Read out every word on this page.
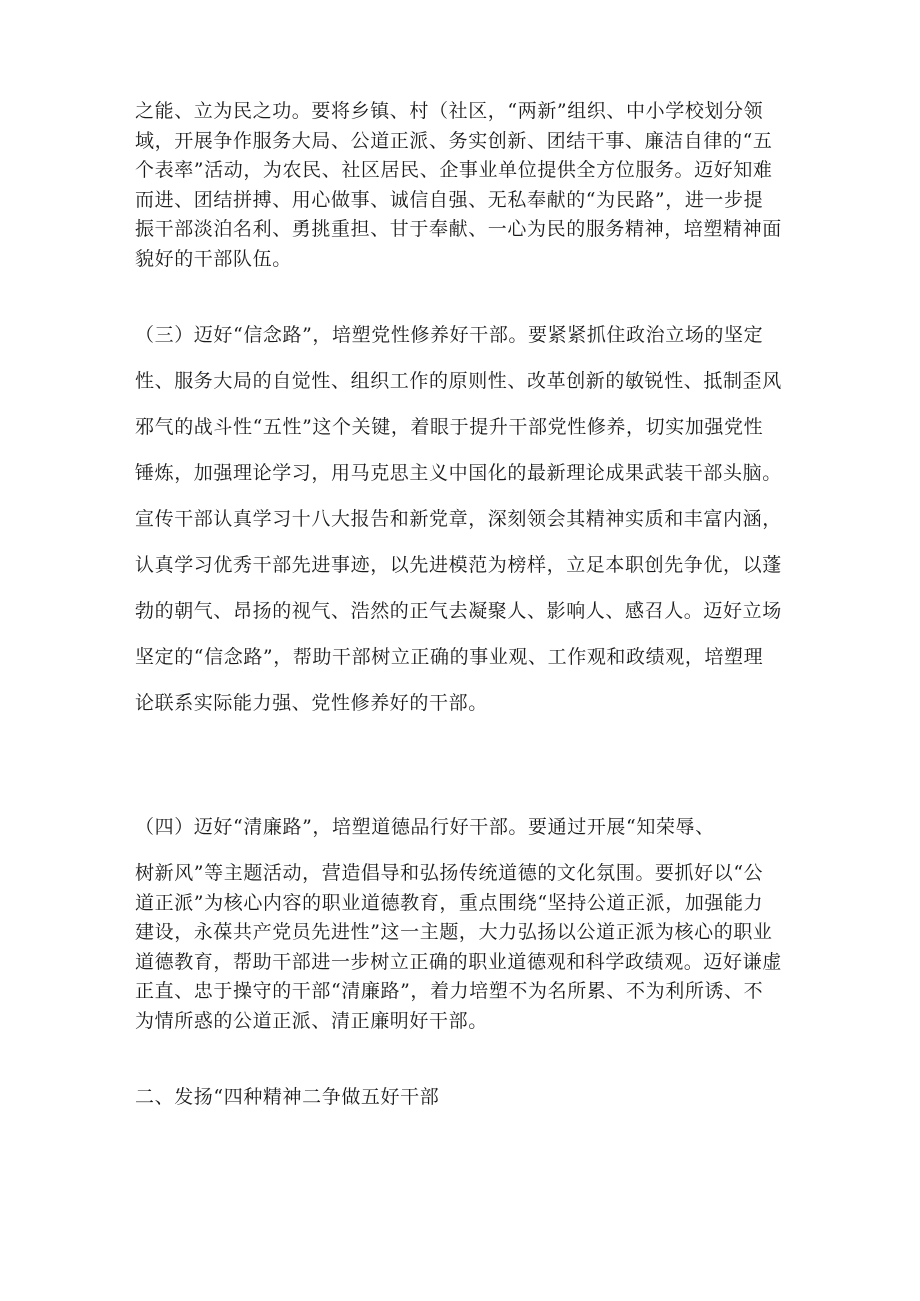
之能、立为民之功。要将乡镇、村（社区，“两新”组织、中小学校划分领
域，开展争作服务大局、公道正派、务实创新、团结干事、廉洁自律的“五
个表率”活动，为农民、社区居民、企事业单位提供全方位服务。迈好知难
而进、团结拼搏、用心做事、诚信自强、无私奉献的“为民路”，进一步提
振干部淡泊名利、勇挑重担、甘于奉献、一心为民的服务精神，培塑精神面
貌好的干部队伍。

（三）迈好“信念路”，培塑党性修养好干部。要紧紧抓住政治立场的坚定
性、服务大局的自觉性、组织工作的原则性、改革创新的敏锐性、抵制歪风
邪气的战斗性“五性”这个关键，着眼于提升干部党性修养，切实加强党性
锤炼，加强理论学习，用马克思主义中国化的最新理论成果武装干部头脑。
宣传干部认真学习十八大报告和新党章，深刻领会其精神实质和丰富内涵，
认真学习优秀干部先进事迹，以先进模范为榜样，立足本职创先争优，以蓬
勃的朝气、昂扬的视气、浩然的正气去凝聚人、影响人、感召人。迈好立场
坚定的“信念路”，帮助干部树立正确的事业观、工作观和政绩观，培塑理
论联系实际能力强、党性修养好的干部。

（四）迈好“清廉路”，培塑道德品行好干部。要通过开展“知荣辱、

树新风”等主题活动，营造倡导和弘扬传统道德的文化氛围。要抓好以“公
道正派”为核心内容的职业道德教育，重点围绕“坚持公道正派，加强能力
建设，永葆共产党员先进性”这一主题，大力弘扬以公道正派为核心的职业
道德教育，帮助干部进一步树立正确的职业道德观和科学政绩观。迈好谦虚
正直、忠于操守的干部“清廉路”，着力培塑不为名所累、不为利所诱、不
为情所惑的公道正派、清正廉明好干部。

二、发扬“四种精神二争做五好干部
